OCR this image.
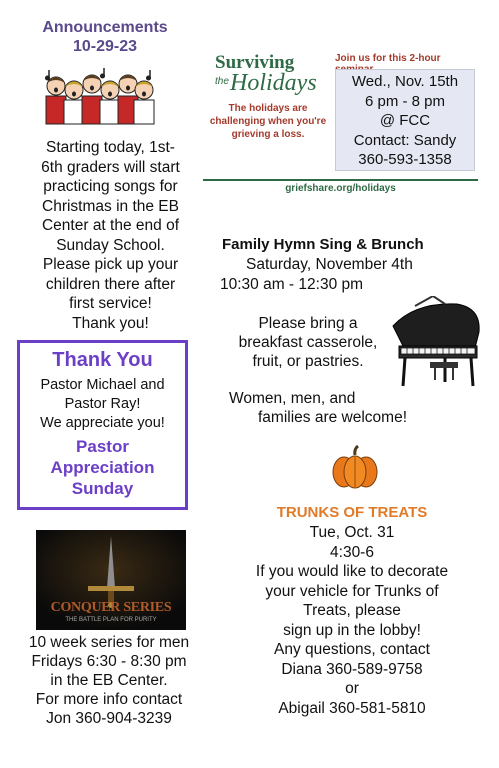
Announcements
10-29-23
Starting today, 1st-
6th graders will start
practicing songs for
Christmas in the EB
Center at the end of
Sunday School.
Please pick up your
children there after
first service!
Thank you!
Thank You
Pastor Michael and
Pastor Ray!
We appreciate you!
Pastor
Appreciation
Sunday
Surviving
the Holidays
The holidays are challenging when you're grieving a loss.
Join us for this 2-hour
Wed., Nov. 15th
6 pm - 8 pm
@ FCC
Contact: Sandy
360-593-1358
griefshare.org/holidays
Family Hymn Sing & Brunch
Saturday, November 4th
10:30 am - 12:30 pm
Please bring a
breakfast casserole,
fruit, or pastries.
Women, men, and
families are welcome!
TRUNKS OF TREATS
Tue, Oct. 31
4:30-6
If you would like to decorate
your vehicle for Trunks of
Treats, please
sign up in the lobby!
Any questions, contact
Diana 360-589-9758
or
Abigail 360-581-5810
CONQUER SERIES
THE BATTLE PLAN FOR PURITY
10 week series for men
Fridays 6:30 - 8:30 pm
in the EB Center.
For more info contact
Jon 360-904-3239
